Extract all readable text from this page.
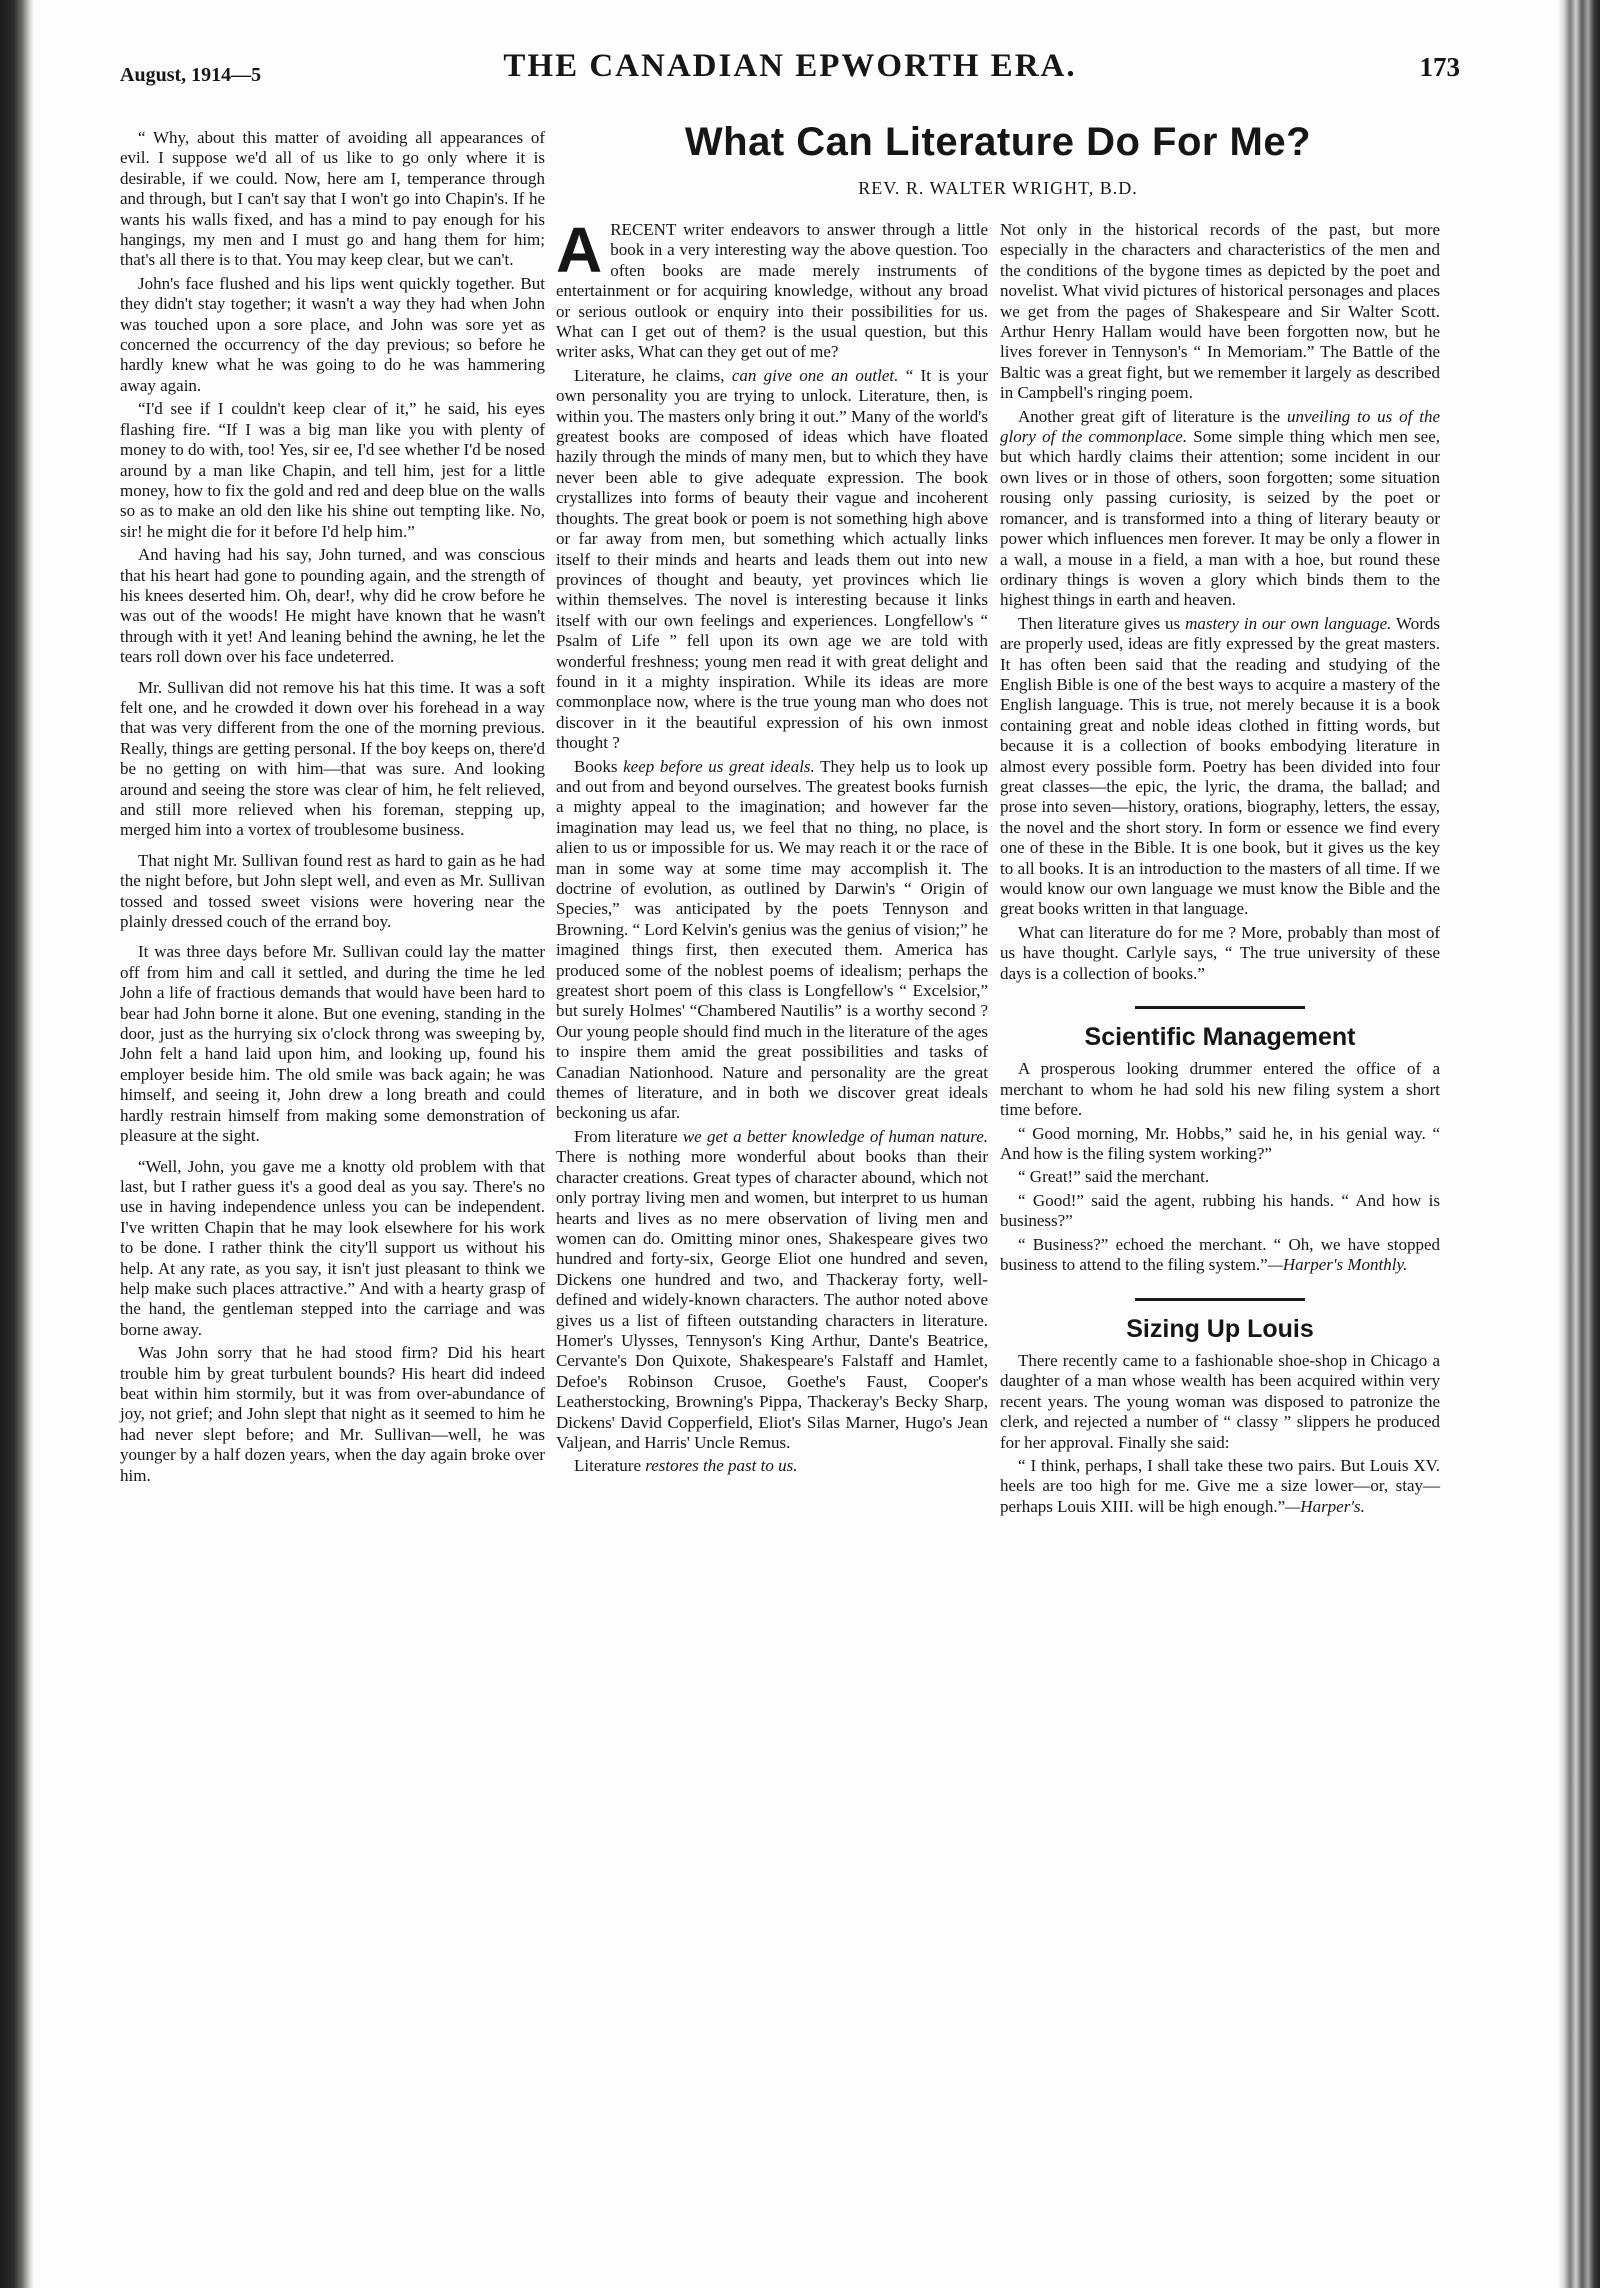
August, 1914—5	THE CANADIAN EPWORTH ERA.	173

“ Why, about this matter of avoiding all appearances of evil. I suppose we'd all of us like to go only where it is desirable, if we could. Now, here am I, temperance through and through, but I can't say that I won't go into Chapin's. If he wants his walls fixed, and has a mind to pay enough for his hangings, my men and I must go and hang them for him; that's all there is to that. You may keep clear, but we can't.

John's face flushed and his lips went quickly together. But they didn't stay together; it wasn't a way they had when John was touched upon a sore place, and John was sore yet as concerned the occurrency of the day previous; so before he hardly knew what he was going to do he was hammering away again.

“I'd see if I couldn't keep clear of it,” he said, his eyes flashing fire. “If I was a big man like you with plenty of money to do with, too! Yes, sir ee, I'd see whether I'd be nosed around by a man like Chapin, and tell him, jest for a little money, how to fix the gold and red and deep blue on the walls so as to make an old den like his shine out tempting like. No, sir! he might die for it before I'd help him.”

And having had his say, John turned, and was conscious that his heart had gone to pounding again, and the strength of his knees deserted him. Oh, dear!, why did he crow before he was out of the woods! He might have known that he wasn't through with it yet! And leaning behind the awning, he let the tears roll down over his face undeterred.

Mr. Sullivan did not remove his hat this time. It was a soft felt one, and he crowded it down over his forehead in a way that was very different from the one of the morning previous. Really, things are getting personal. If the boy keeps on, there'd be no getting on with him—that was sure. And looking around and seeing the store was clear of him, he felt relieved, and still more relieved when his foreman, stepping up, merged him into a vortex of troublesome business.

That night Mr. Sullivan found rest as hard to gain as he had the night before, but John slept well, and even as Mr. Sullivan tossed and tossed sweet visions were hovering near the plainly dressed couch of the errand boy.

It was three days before Mr. Sullivan could lay the matter off from him and call it settled, and during the time he led John a life of fractious demands that would have been hard to bear had John borne it alone. But one evening, standing in the door, just as the hurrying six o'clock throng was sweeping by, John felt a hand laid upon him, and looking up, found his employer beside him. The old smile was back again; he was himself, and seeing it, John drew a long breath and could hardly restrain himself from making some demonstration of pleasure at the sight.

“Well, John, you gave me a knotty old problem with that last, but I rather guess it's a good deal as you say. There's no use in having independence unless you can be independent. I've written Chapin that he may look elsewhere for his work to be done. I rather think the city'll support us without his help. At any rate, as you say, it isn't just pleasant to think we help make such places attractive.” And with a hearty grasp of the hand, the gentleman stepped into the carriage and was borne away.

Was John sorry that he had stood firm? Did his heart trouble him by great turbulent bounds? His heart did indeed beat within him stormily, but it was from over-abundance of joy, not grief; and John slept that night as it seemed to him he had never slept before; and Mr. Sullivan—well, he was younger by a half dozen years, when the day again broke over him.

What Can Literature Do For Me?
REV. R. WALTER WRIGHT, B.D.

ARECENT writer endeavors to answer through a little book in a very interesting way the above question. Too often books are made merely instruments of entertainment or for acquiring knowledge, without any broad or serious outlook or enquiry into their possibilities for us. What can I get out of them? is the usual question, but this writer asks, What can they get out of me?

Literature, he claims, can give one an outlet. “ It is your own personality you are trying to unlock. Literature, then, is within you. The masters only bring it out.” Many of the world's greatest books are composed of ideas which have floated hazily through the minds of many men, but to which they have never been able to give adequate expression. The book crystallizes into forms of beauty their vague and incoherent thoughts. The great book or poem is not something high above or far away from men, but something which actually links itself to their minds and hearts and leads them out into new provinces of thought and beauty, yet provinces which lie within themselves. The novel is interesting because it links itself with our own feelings and experiences. Longfellow's “ Psalm of Life ” fell upon its own age we are told with wonderful freshness; young men read it with great delight and found in it a mighty inspiration. While its ideas are more commonplace now, where is the true young man who does not discover in it the beautiful expression of his own inmost thought ?

Books keep before us great ideals. They help us to look up and out from and beyond ourselves. The greatest books furnish a mighty appeal to the imagination; and however far the imagination may lead us, we feel that no thing, no place, is alien to us or impossible for us. We may reach it or the race of man in some way at some time may accomplish it. The doctrine of evolution, as outlined by Darwin's “ Origin of Species,” was anticipated by the poets Tennyson and Browning. “ Lord Kelvin's genius was the genius of vision;” he imagined things first, then executed them. America has produced some of the noblest poems of idealism; perhaps the greatest short poem of this class is Longfellow's “ Excelsior,” but surely Holmes' “Chambered Nautilis” is a worthy second ? Our young people should find much in the literature of the ages to inspire them amid the great possibilities and tasks of Canadian Nationhood. Nature and personality are the great themes of literature, and in both we discover great ideals beckoning us afar.

From literature we get a better knowledge of human nature. There is nothing more wonderful about books than their character creations. Great types of character abound, which not only portray living men and women, but interpret to us human hearts and lives as no mere observation of living men and women can do. Omitting minor ones, Shakespeare gives two hundred and forty-six, George Eliot one hundred and seven, Dickens one hundred and two, and Thackeray forty, well-defined and widely-known characters. The author noted above gives us a list of fifteen outstanding characters in literature. Homer's Ulysses, Tennyson's King Arthur, Dante's Beatrice, Cervante's Don Quixote, Shakespeare's Falstaff and Hamlet, Defoe's Robinson Crusoe, Goethe's Faust, Cooper's Leatherstocking, Browning's Pippa, Thackeray's Becky Sharp, Dickens' David Copperfield, Eliot's Silas Marner, Hugo's Jean Valjean, and Harris' Uncle Remus.

Literature restores the past to us.

Not only in the historical records of the past, but more especially in the characters and characteristics of the men and the conditions of the bygone times as depicted by the poet and novelist. What vivid pictures of historical personages and places we get from the pages of Shakespeare and Sir Walter Scott. Arthur Henry Hallam would have been forgotten now, but he lives forever in Tennyson's “ In Memoriam.” The Battle of the Baltic was a great fight, but we remember it largely as described in Campbell's ringing poem.

Another great gift of literature is the unveiling to us of the glory of the commonplace. Some simple thing which men see, but which hardly claims their attention; some incident in our own lives or in those of others, soon forgotten; some situation rousing only passing curiosity, is seized by the poet or romancer, and is transformed into a thing of literary beauty or power which influences men forever. It may be only a flower in a wall, a mouse in a field, a man with a hoe, but round these ordinary things is woven a glory which binds them to the highest things in earth and heaven.

Then literature gives us mastery in our own language. Words are properly used, ideas are fitly expressed by the great masters. It has often been said that the reading and studying of the English Bible is one of the best ways to acquire a mastery of the English language. This is true, not merely because it is a book containing great and noble ideas clothed in fitting words, but because it is a collection of books embodying literature in almost every possible form. Poetry has been divided into four great classes—the epic, the lyric, the drama, the ballad; and prose into seven—history, orations, biography, letters, the essay, the novel and the short story. In form or essence we find every one of these in the Bible. It is one book, but it gives us the key to all books. It is an introduction to the masters of all time. If we would know our own language we must know the Bible and the great books written in that language.

What can literature do for me ? More, probably than most of us have thought. Carlyle says, “ The true university of these days is a collection of books.”

Scientific Management

A prosperous looking drummer entered the office of a merchant to whom he had sold his new filing system a short time before.

“ Good morning, Mr. Hobbs,” said he, in his genial way. “ And how is the filing system working?”

“ Great!” said the merchant.

“ Good!” said the agent, rubbing his hands. “ And how is business?”

“ Business?” echoed the merchant. “ Oh, we have stopped business to attend to the filing system.”—Harper's Monthly.

Sizing Up Louis

There recently came to a fashionable shoe-shop in Chicago a daughter of a man whose wealth has been acquired within very recent years. The young woman was disposed to patronize the clerk, and rejected a number of “ classy ” slippers he produced for her approval. Finally she said:

“ I think, perhaps, I shall take these two pairs. But Louis XV. heels are too high for me. Give me a size lower—or, stay—perhaps Louis XIII. will be high enough.”—Harper's.
